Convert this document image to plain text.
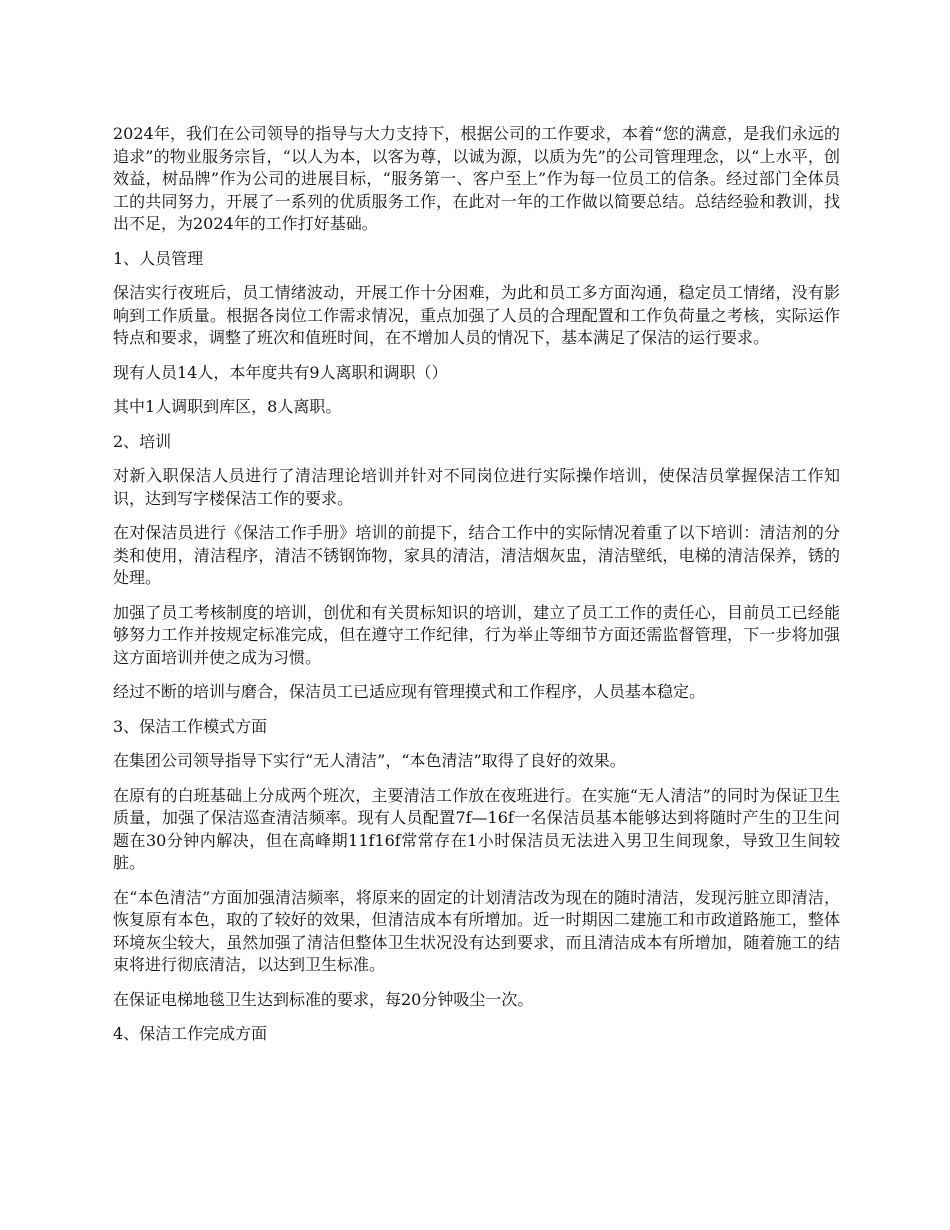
2024年，我们在公司领导的指导与大力支持下，根据公司的工作要求，本着“您的满意，是我们永远的追求”的物业服务宗旨，“以人为本，以客为尊，以诚为源，以质为先”的公司管理理念，以“上水平，创效益，树品牌”作为公司的进展目标，“服务第一、客户至上”作为每一位员工的信条。经过部门全体员工的共同努力，开展了一系列的优质服务工作，在此对一年的工作做以简要总结。总结经验和教训，找出不足，为2024年的工作打好基础。

1、人员管理

保洁实行夜班后，员工情绪波动，开展工作十分困难，为此和员工多方面沟通，稳定员工情绪，没有影响到工作质量。根据各岗位工作需求情况，重点加强了人员的合理配置和工作负荷量之考核，实际运作特点和要求，调整了班次和值班时间，在不增加人员的情况下，基本满足了保洁的运行要求。

现有人员14人，本年度共有9人离职和调职（）

其中1人调职到库区，8人离职。

2、培训

对新入职保洁人员进行了清洁理论培训并针对不同岗位进行实际操作培训，使保洁员掌握保洁工作知识，达到写字楼保洁工作的要求。

在对保洁员进行《保洁工作手册》培训的前提下，结合工作中的实际情况着重了以下培训：清洁剂的分类和使用，清洁程序，清洁不锈钢饰物，家具的清洁，清洁烟灰盅，清洁壁纸，电梯的清洁保养，锈的处理。

加强了员工考核制度的培训，创优和有关贯标知识的培训，建立了员工工作的责任心，目前员工已经能够努力工作并按规定标准完成，但在遵守工作纪律，行为举止等细节方面还需监督管理，下一步将加强这方面培训并使之成为习惯。

经过不断的培训与磨合，保洁员工已适应现有管理摸式和工作程序，人员基本稳定。

3、保洁工作模式方面

在集团公司领导指导下实行“无人清洁”，“本色清洁”取得了良好的效果。

在原有的白班基础上分成两个班次，主要清洁工作放在夜班进行。在实施“无人清洁”的同时为保证卫生质量，加强了保洁巡查清洁频率。现有人员配置7f—16f一名保洁员基本能够达到将随时产生的卫生问题在30分钟内解决，但在高峰期11f16f常常存在1小时保洁员无法进入男卫生间现象，导致卫生间较脏。

在“本色清洁”方面加强清洁频率，将原来的固定的计划清洁改为现在的随时清洁，发现污脏立即清洁，恢复原有本色，取的了较好的效果，但清洁成本有所增加。近一时期因二建施工和市政道路施工，整体环境灰尘较大，虽然加强了清洁但整体卫生状况没有达到要求，而且清洁成本有所增加，随着施工的结束将进行彻底清洁，以达到卫生标准。

在保证电梯地毯卫生达到标准的要求，每20分钟吸尘一次。

4、保洁工作完成方面
